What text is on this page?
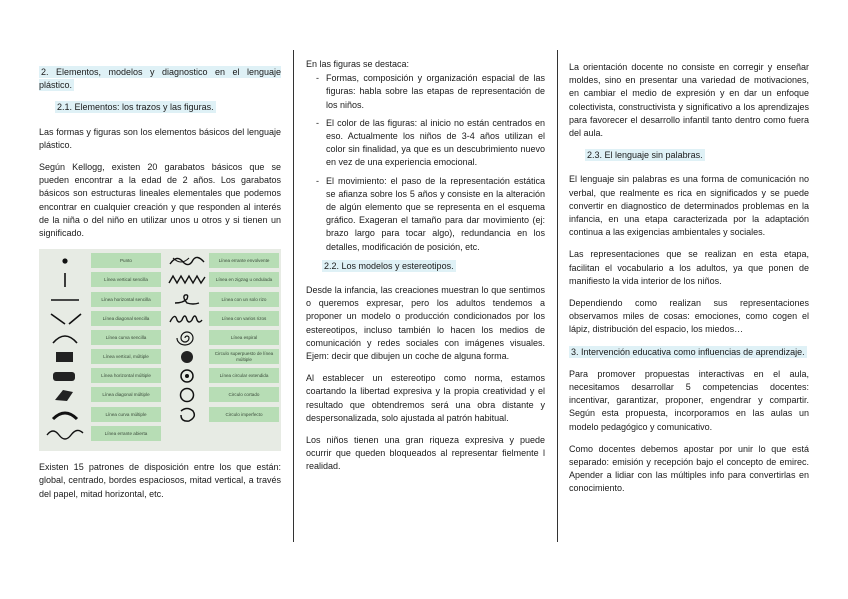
2. Elementos, modelos y diagnostico en el lenguaje plástico.

2.1. Elementos: los trazos y las figuras.

Las formas y figuras son los elementos básicos del lenguaje plástico.

Según Kellogg, existen 20 garabatos básicos que se pueden encontrar a la edad de 2 años. Los garabatos básicos son estructuras lineales elementales que podemos encontrar en cualquier creación y que responden al interés de la niña o del niño en utilizar unos u otros y si tienen un significado.

Punto
Línea vertical sencilla
Línea horizontal sencilla
Línea diagonal sencilla
Línea curva sencilla
Línea vertical, múltiple
Línea horizontal múltiple
Línea diagonal múltiple
Línea curva múltiple
Línea errante abierta
Línea errante envolvente
Línea en zigzag u ondulada
Línea con un solo rizo
Línea con varios rizos
Línea espiral
Circulo superpuesto de línea múltiple
Línea circular extendida
Circulo cortado
Circulo imperfecto

Existen 15 patrones de disposición entre los que están: global, centrado, bordes espaciosos, mitad vertical, a través del papel, mitad horizontal, etc.

En las figuras se destaca:

- Formas, composición y organización espacial de las figuras: habla sobre las etapas de representación de los niños.
- El color de las figuras: al inicio no están centrados en eso. Actualmente los niños de 3-4 años utilizan el color sin finalidad, ya que es un descubrimiento nuevo en vez de una experiencia emocional.
- El movimiento: el paso de la representación estática se afianza sobre los 5 años y consiste en la alteración de algún elemento que se representa en el esquema gráfico. Exageran el tamaño para dar movimiento (ej: brazo largo para tocar algo), redundancia en los detalles, modificación de posición, etc.

2.2. Los modelos y estereotipos.

Desde la infancia, las creaciones muestran lo que sentimos o queremos expresar, pero los adultos tendemos a proponer un modelo o producción condicionados por los estereotipos, incluso también lo hacen los medios de comunicación y redes sociales con imágenes visuales. Ejem: decir que dibujen un coche de alguna forma.

Al establecer un estereotipo como norma, estamos coartando la libertad expresiva y la propia creatividad y el resultado que obtendremos será una obra distante y despersonalizada, solo ajustada al patrón habitual.

Los niños tienen una gran riqueza expresiva y puede ocurrir que queden bloqueados al representar fielmente l realidad.

La orientación docente no consiste en corregir y enseñar moldes, sino en presentar una variedad de motivaciones, en cambiar el medio de expresión y en dar un enfoque colectivista, constructivista y significativo a los aprendizajes para favorecer el desarrollo infantil tanto dentro como fuera del aula.

2.3. El lenguaje sin palabras.

El lenguaje sin palabras es una forma de comunicación no verbal, que realmente es rica en significados y se puede convertir en diagnostico de determinados problemas en la infancia, en una etapa caracterizada por la adaptación continua a las exigencias ambientales y sociales.

Las representaciones que se realizan en esta etapa, facilitan el vocabulario a los adultos, ya que ponen de manifiesto la vida interior de los niños.

Dependiendo como realizan sus representaciones observamos miles de cosas: emociones, como cogen el lápiz, distribución del espacio, los miedos…

3. Intervención educativa como influencias de aprendizaje.

Para promover propuestas interactivas en el aula, necesitamos desarrollar 5 competencias docentes: incentivar, garantizar, proponer, engendrar y compartir. Según esta propuesta, incorporamos en las aulas un modelo pedagógico y comunicativo.

Como docentes debemos apostar por unir lo que está separado: emisión y recepción bajo el concepto de emirec. Apender a lidiar con las múltiples info para convertirlas en conocimiento.
